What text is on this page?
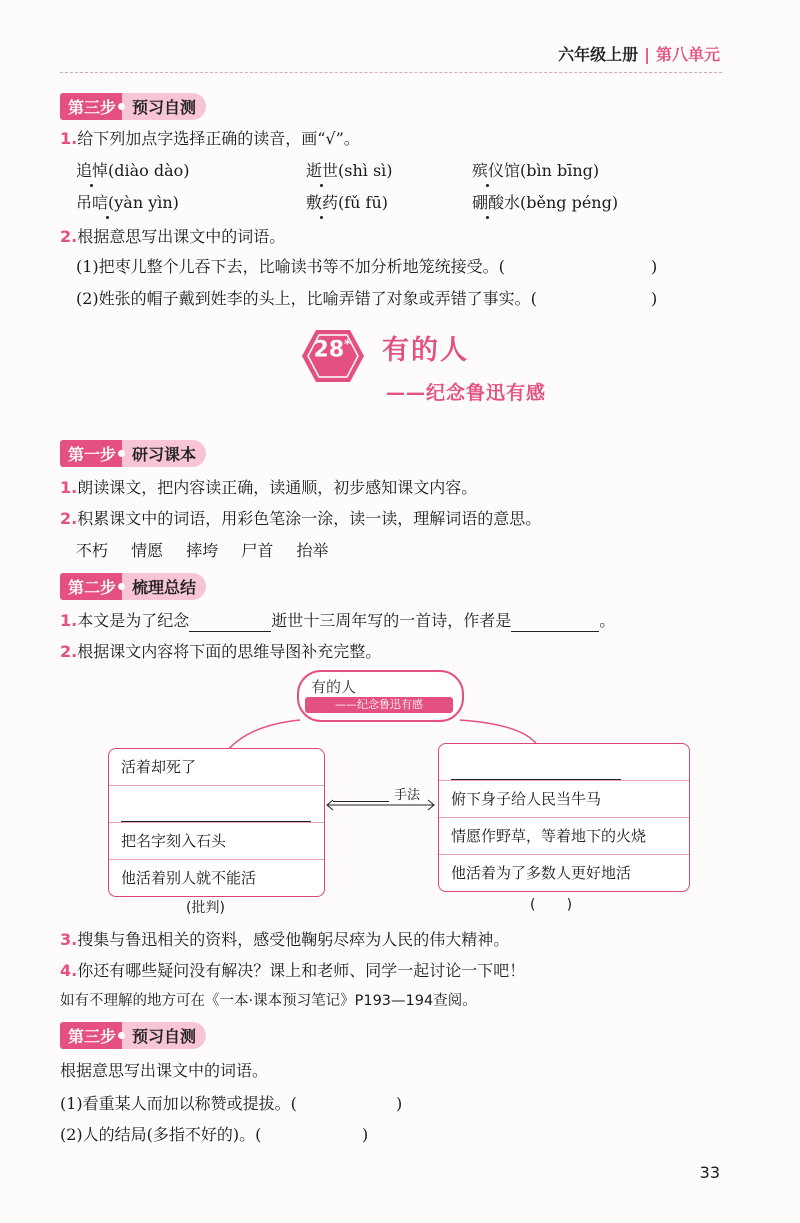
六年级上册 | 第八单元
第三步	预习自测
1.给下列加点字选择正确的读音，画“√”。
追悼(diào dào)	逝世(shì sì)	殡仪馆(bìn bīng)
吊唁(yàn yìn)	敷药(fǔ fū)	硼酸水(běng péng)
2.根据意思写出课文中的词语。
(1)把枣儿整个儿吞下去，比喻读书等不加分析地笼统接受。(	)
(2)姓张的帽子戴到姓李的头上，比喻弄错了对象或弄错了事实。(	)
28* 有的人
——纪念鲁迅有感
第一步	研习课本
1.朗读课文，把内容读正确，读通顺，初步感知课文内容。
2.积累课文中的词语，用彩色笔涂一涂，读一读，理解词语的意思。
不朽 情愿 摔垮 尸首 抬举
第二步	梳理总结
1.本文是为了纪念	逝世十三周年写的一首诗，作者是	。
2.根据课文内容将下面的思维导图补充完整。
有的人
——纪念鲁迅有感
活着却死了
把名字刻入石头
他活着别人就不能活
俯下身子给人民当牛马
情愿作野草，等着地下的火烧
他活着为了多数人更好地活
手法
(批判)	(       )
3.搜集与鲁迅相关的资料，感受他鞠躬尽瘁为人民的伟大精神。
4.你还有哪些疑问没有解决？课上和老师、同学一起讨论一下吧！
如有不理解的地方可在《一本·课本预习笔记》P193—194查阅。
第三步	预习自测
根据意思写出课文中的词语。
(1)看重某人而加以称赞或提拔。(	)
(2)人的结局(多指不好的)。(	)
33
